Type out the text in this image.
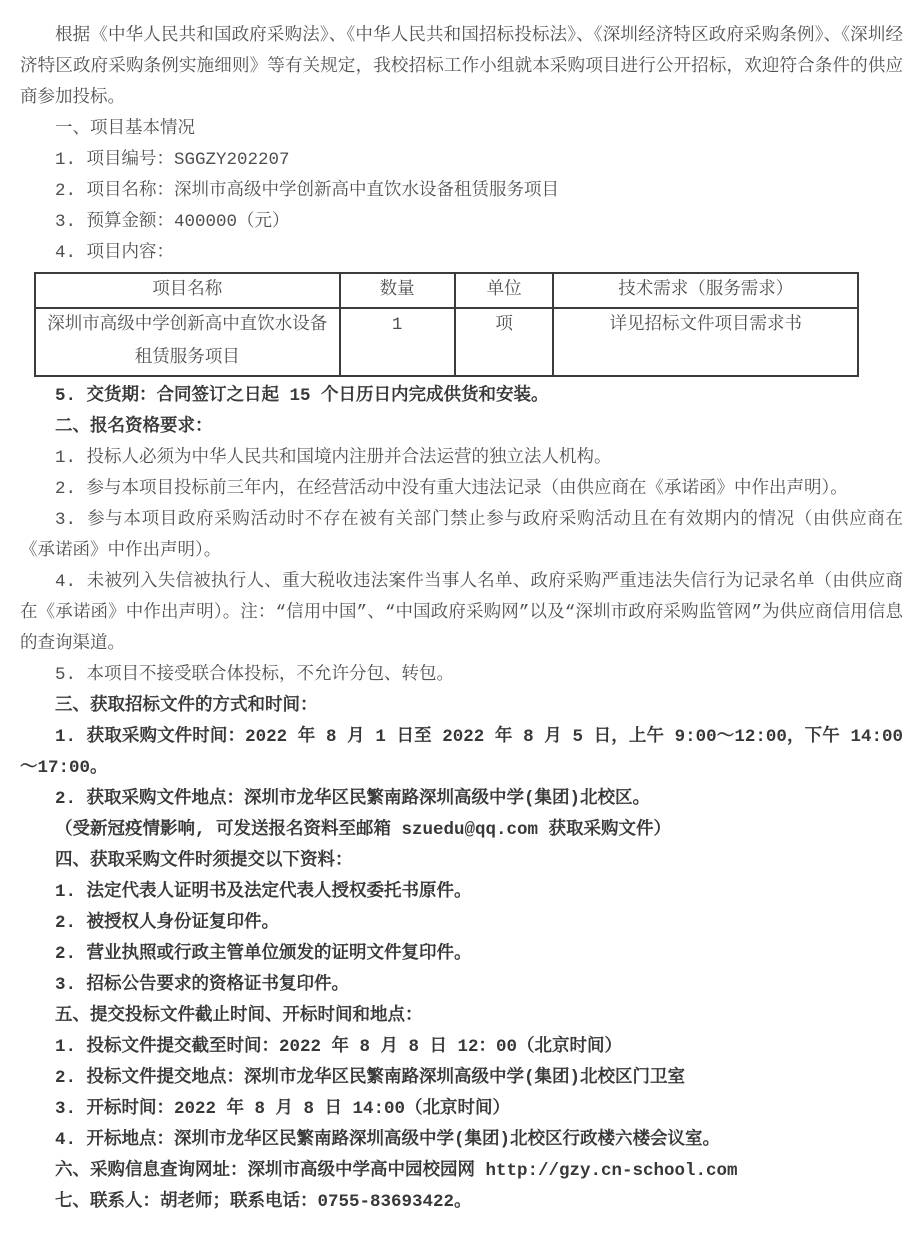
根据《中华人民共和国政府采购法》、《中华人民共和国招标投标法》、《深圳经济特区政府采购条例》、《深圳经济特区政府采购条例实施细则》等有关规定，我校招标工作小组就本采购项目进行公开招标，欢迎符合条件的供应商参加投标。

一、项目基本情况

1. 项目编号：SGGZY202207

2. 项目名称：深圳市高级中学创新高中直饮水设备租赁服务项目

3. 预算金额：400000（元）

4. 项目内容：

项目名称	数量	单位	技术需求（服务需求）
深圳市高级中学创新高中直饮水设备租赁服务项目	1	项	详见招标文件项目需求书

5. 交货期：合同签订之日起 15 个日历日内完成供货和安装。

二、报名资格要求：

1. 投标人必须为中华人民共和国境内注册并合法运营的独立法人机构。

2. 参与本项目投标前三年内，在经营活动中没有重大违法记录（由供应商在《承诺函》中作出声明）。

3. 参与本项目政府采购活动时不存在被有关部门禁止参与政府采购活动且在有效期内的情况（由供应商在《承诺函》中作出声明）。

4. 未被列入失信被执行人、重大税收违法案件当事人名单、政府采购严重违法失信行为记录名单（由供应商在《承诺函》中作出声明）。注：“信用中国”、“中国政府采购网”以及“深圳市政府采购监管网”为供应商信用信息的查询渠道。

5. 本项目不接受联合体投标，不允许分包、转包。

三、获取招标文件的方式和时间：

1. 获取采购文件时间：2022 年 8 月 1 日至 2022 年 8 月 5 日，上午 9:00～12:00，下午 14:00～17:00。

2. 获取采购文件地点：深圳市龙华区民繁南路深圳高级中学(集团)北校区。

（受新冠疫情影响, 可发送报名资料至邮箱 szuedu@qq.com 获取采购文件）

四、获取采购文件时须提交以下资料：

1. 法定代表人证明书及法定代表人授权委托书原件。

2. 被授权人身份证复印件。

2. 营业执照或行政主管单位颁发的证明文件复印件。

3. 招标公告要求的资格证书复印件。

五、提交投标文件截止时间、开标时间和地点：

1. 投标文件提交截至时间：2022 年 8 月 8 日 12：00（北京时间）

2. 投标文件提交地点：深圳市龙华区民繁南路深圳高级中学(集团)北校区门卫室

3. 开标时间：2022 年 8 月 8 日 14:00（北京时间）

4. 开标地点：深圳市龙华区民繁南路深圳高级中学(集团)北校区行政楼六楼会议室。

六、采购信息查询网址：深圳市高级中学高中园校园网 http://gzy.cn-school.com

七、联系人：胡老师；联系电话：0755-83693422。
